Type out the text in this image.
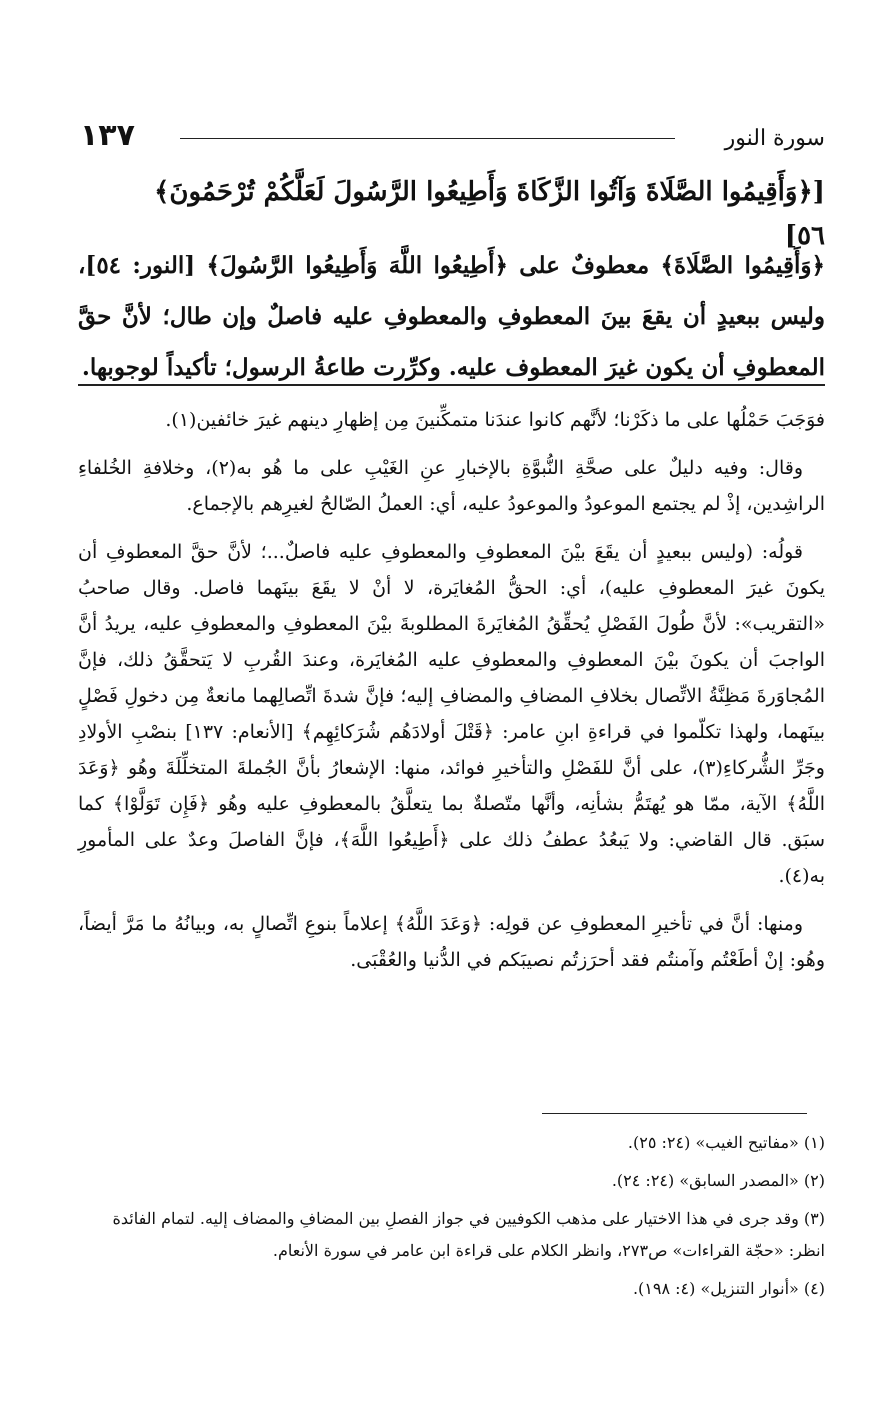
١٣٧	سورة النور
[﴿وَأَقِيمُوا الصَّلَاةَ وَآتُوا الزَّكَاةَ وَأَطِيعُوا الرَّسُولَ لَعَلَّكُمْ تُرْحَمُونَ﴾ ٥٦]
﴿وَأَقِيمُوا الصَّلَاةَ﴾ معطوفٌ على ﴿أَطِيعُوا اللَّهَ وَأَطِيعُوا الرَّسُولَ﴾ [النور: ٥٤]، وليس ببعيدٍ أن يقعَ بينَ المعطوفِ والمعطوفِ عليه فاصلٌ وإن طال؛ لأنَّ حقَّ المعطوفِ أن يكون غيرَ المعطوف عليه. وكرِّرت طاعةُ الرسول؛ تأكيداً لوجوبها.

فوَجَبَ حَمْلُها على ما ذكَرْنا؛ لأنَّهم كانوا عندَنا متمكِّنينَ مِن إظهارِ دينهم غيرَ خائفين(١).

وقال: وفيه دليلٌ على صحَّةِ النُّبوَّةِ بالإخبارِ عنِ الغَيْبِ على ما هُو به(٢)، وخلافةِ الخُلفاءِ الراشِدين، إذْ لم يجتمع الموعودُ والموعودُ عليه، أي: العملُ الصّالحُ لغيرِهم بالإجماع.

قولُه: (وليس ببعيدٍ أن يقَعَ بيْنَ المعطوفِ والمعطوفِ عليه فاصلٌ...؛ لأنَّ حقَّ المعطوفِ أن يكونَ غيرَ المعطوفِ عليه)، أي: الحقُّ المُغايَرة، لا أنْ لا يقَعَ بينَهما فاصل. وقال صاحبُ «التقريب»: لأنَّ طُولَ الفَصْلِ يُحقِّقُ المُغايَرةَ المطلوبةَ بيْنَ المعطوفِ والمعطوفِ عليه، يريدُ أنَّ الواجبَ أن يكونَ بيْنَ المعطوفِ والمعطوفِ عليه المُغايَرة، وعندَ القُربِ لا يَتحقَّقُ ذلك، فإنَّ المُجاوَرةَ مَظِنَّةُ الاتِّصال بخلافِ المضافِ والمضافِ إليه؛ فإنَّ شدةَ اتِّصالِهما مانعةٌ مِن دخولِ فَصْلٍ بينَهما، ولهذا تكلّموا في قراءةِ ابنِ عامر: ﴿قَتْلَ أولادَهُم شُرَكائِهِم﴾ [الأنعام: ١٣٧] بنصْبِ الأولادِ وجَرِّ الشُّركاءِ(٣)، على أنَّ للفَصْلِ والتأخيرِ فوائد، منها: الإشعارُ بأنَّ الجُملةَ المتخلِّلَةَ وهُو ﴿وَعَدَ اللَّهُ﴾ الآية، ممّا هو يُهتَمُّ بشأنِه، وأنَّها متّصلةٌ بما يتعلَّقُ بالمعطوفِ عليه وهُو ﴿فَإِن تَوَلَّوْا﴾ كما سبَق. قال القاضي: ولا يَبعُدُ عطفُ ذلك على ﴿أَطِيعُوا اللَّهَ﴾، فإنَّ الفاصلَ وعدٌ على المأمورِ به(٤).

ومنها: أنَّ في تأخيرِ المعطوفِ عن قولِه: ﴿وَعَدَ اللَّهُ﴾ إعلاماً بنوعِ اتِّصالٍ به، وبيانُهُ ما مَرَّ أيضاً، وهُو: إنْ أطَعْتُم وآمنتُم فقد أحرَزتُم نصيبَكم في الدُّنيا والعُقْبَى.

(١) «مفاتيح الغيب» (٢٤: ٢٥).
(٢) «المصدر السابق» (٢٤: ٢٤).
(٣) وقد جرى في هذا الاختيار على مذهب الكوفيين في جواز الفصلِ بين المضافِ والمضاف إليه. لتمام الفائدة انظر: «حجّة القراءات» ص٢٧٣، وانظر الكلام على قراءة ابن عامر في سورة الأنعام.
(٤) «أنوار التنزيل» (٤: ١٩٨).
